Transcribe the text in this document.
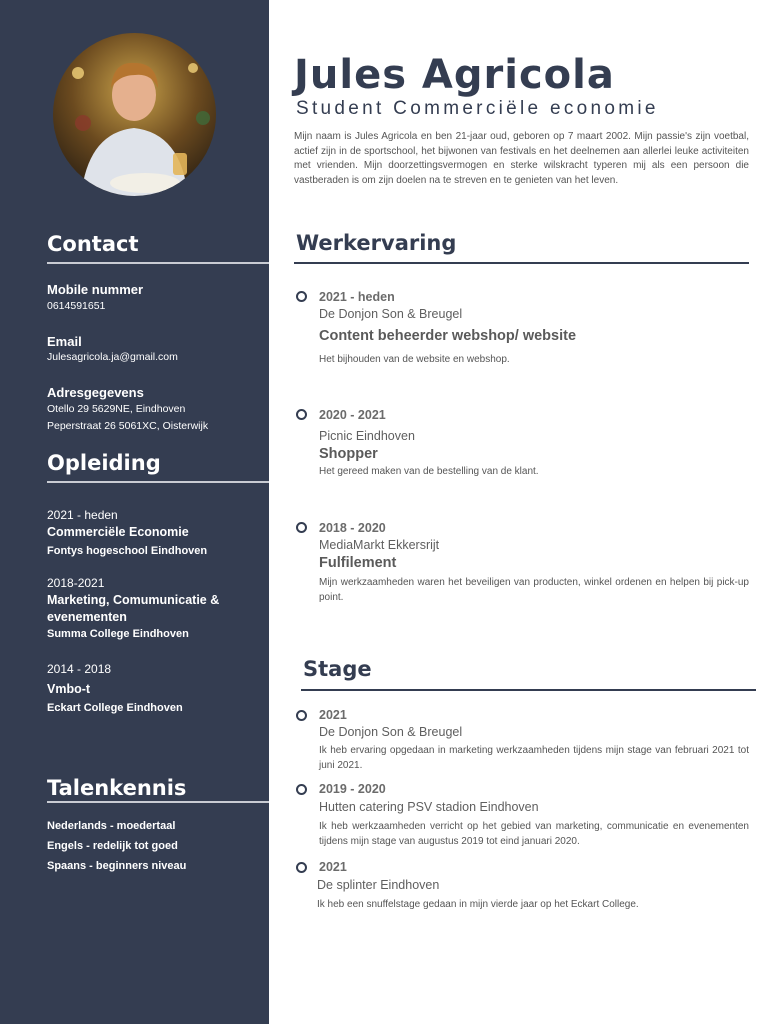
Contact
Mobile nummer
0614591651
Email
Julesagricola.ja@gmail.com
Adresgegevens
Otello 29 5629NE, Eindhoven
Peperstraat 26 5061XC, Oisterwijk
Opleiding
2021 - heden
Commerciële Economie
Fontys hogeschool Eindhoven
2018-2021
Marketing, Comumunicatie & evenementen
Summa College Eindhoven
2014 - 2018
Vmbo-t
Eckart College Eindhoven
Talenkennis
Nederlands - moedertaal
Engels - redelijk tot goed
Spaans - beginners niveau
Jules Agricola
Student Commerciële economie

Mijn naam is Jules Agricola en ben 21-jaar oud, geboren op 7 maart 2002. Mijn passie's zijn voetbal, actief zijn in de sportschool, het bijwonen van festivals en het deelnemen aan allerlei leuke activiteiten met vrienden. Mijn doorzettingsvermogen en sterke wilskracht typeren mij als een persoon die vastberaden is om zijn doelen na te streven en te genieten van het leven.

Werkervaring
2021 - heden
De Donjon Son & Breugel
Content beheerder webshop/ website

Het bijhouden van de website en webshop.

2020 - 2021
Picnic Eindhoven
Shopper

Het gereed maken van de bestelling van de klant.

2018 - 2020
MediaMarkt Ekkersrijt
Fulfilement

Mijn werkzaamheden waren het beveiligen van producten, winkel ordenen en helpen bij pick-up point.

Stage
2021
De Donjon Son & Breugel

Ik heb ervaring opgedaan in marketing werkzaamheden tijdens mijn stage van februari 2021 tot juni 2021.

2019 - 2020
Hutten catering PSV stadion Eindhoven

Ik heb werkzaamheden verricht op het gebied van marketing, communicatie en evenementen tijdens mijn stage van augustus 2019 tot eind januari 2020.

2021
De splinter Eindhoven

Ik heb een snuffelstage gedaan in mijn vierde jaar op het Eckart College.
